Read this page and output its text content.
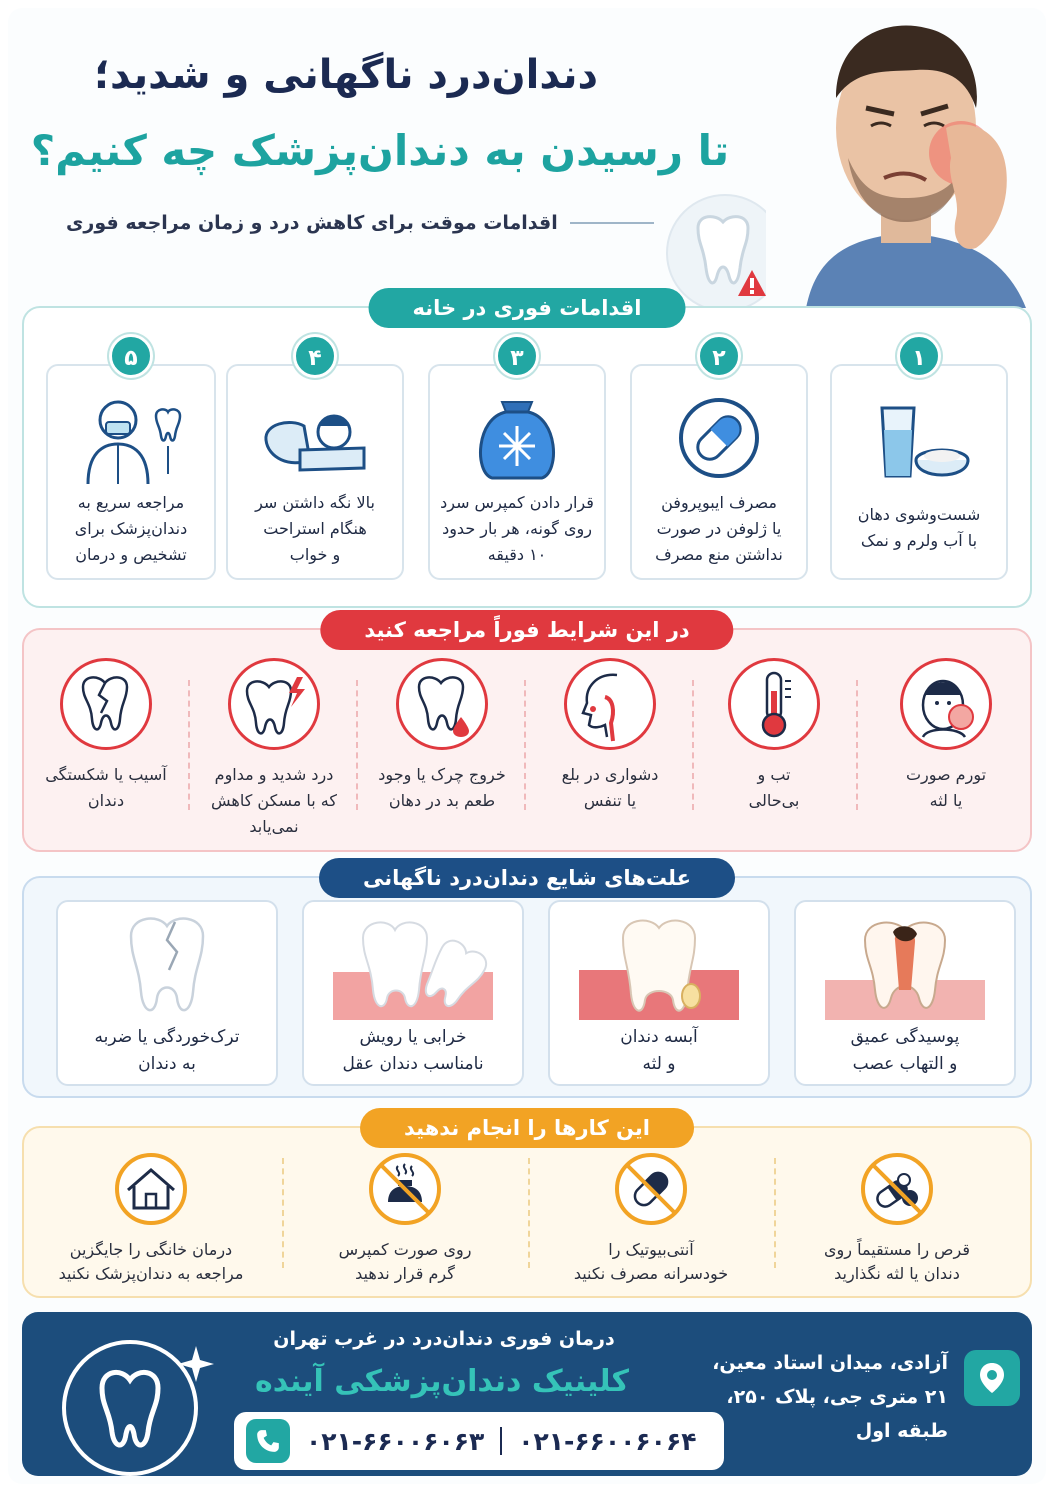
دندان‌درد ناگهانی و شدید؛
تا رسیدن به دندان‌پزشک چه کنیم؟
اقدامات موقت برای کاهش درد و زمان مراجعه فوری
اقدامات فوری در خانه
۱
شست‌وشوی دهان
با آب ولرم و نمک
۲
مصرف ایبوپروفن
یا ژلوفن در صورت
نداشتن منع مصرف
۳
قرار دادن کمپرس سرد
روی گونه، هر بار حدود
۱۰ دقیقه
۴
بالا نگه داشتن سر
هنگام استراحت
و خواب
۵
مراجعه سریع به
دندان‌پزشک برای
تشخیص و درمان
در این شرایط فوراً مراجعه کنید
تورم صورت
یا لثه
تب و
بی‌حالی
دشواری در بلع
یا تنفس
خروج چرک یا وجود
طعم بد در دهان
درد شدید و مداوم
که با مسکن کاهش
نمی‌یابد
آسیب یا شکستگی
دندان
علت‌های شایع دندان‌درد ناگهانی
پوسیدگی عمیق
و التهاب عصب
آبسه دندان
و لثه
خرابی یا رویش
نامناسب دندان عقل
ترک‌خوردگی یا ضربه
به دندان
این کارها را انجام ندهید
قرص را مستقیماً روی
دندان یا لثه نگذارید
آنتی‌بیوتیک را
خودسرانه مصرف نکنید
روی صورت کمپرس
گرم قرار ندهید
درمان خانگی را جایگزین
مراجعه به دندان‌پزشک نکنید
درمان فوری دندان‌درد در غرب تهران
کلینیک دندان‌پزشکی آینده
۰۲۱-۶۶۰۰۶۰۶۳ ۰۲۱-۶۶۰۰۶۰۶۴
آزادی، میدان استاد معین،
۲۱ متری جی، پلاک ۲۵۰،
طبقه اول
